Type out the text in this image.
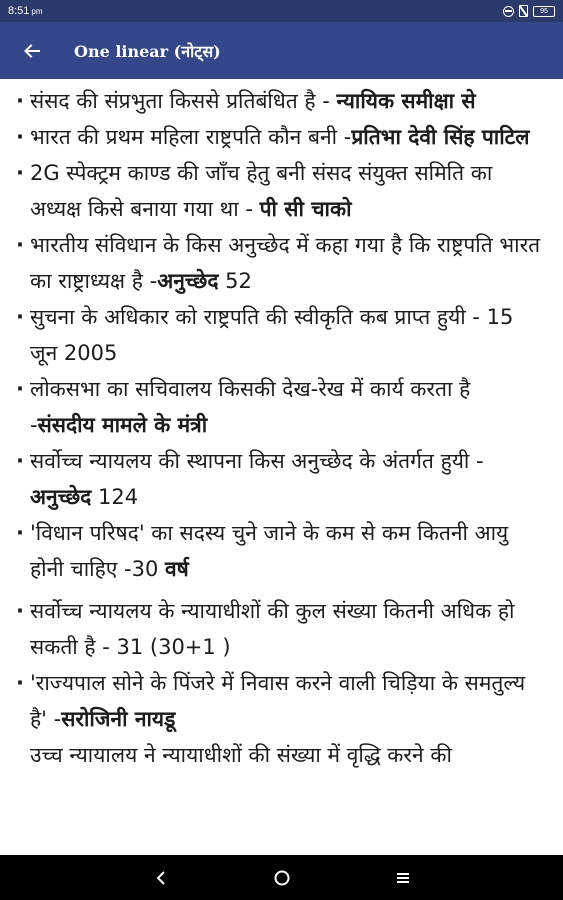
8:51 pm	95
One linear (नोट्स)
· संसद की संप्रभुता किससे प्रतिबंधित है - न्यायिक समीक्षा से
· भारत की प्रथम महिला राष्ट्रपति कौन बनी -प्रतिभा देवी सिंह पाटिल
· 2G स्पेक्ट्रम काण्ड की जाँच हेतु बनी संसद संयुक्त समिति का अध्यक्ष किसे बनाया गया था - पी सी चाको
· भारतीय संविधान के किस अनुच्छेद में कहा गया है कि राष्ट्रपति भारत का राष्ट्राध्यक्ष है -अनुच्छेद 52
· सुचना के अधिकार को राष्ट्रपति की स्वीकृति कब प्राप्त हुयी - 15 जून 2005
· लोकसभा का सचिवालय किसकी देख-रेख में कार्य करता है -संसदीय मामले के मंत्री
· सर्वोच्च न्यायलय की स्थापना किस अनुच्छेद के अंतर्गत हुयी - अनुच्छेद 124
· 'विधान परिषद' का सदस्य चुने जाने के कम से कम कितनी आयु होनी चाहिए -30 वर्ष
· सर्वोच्च न्यायलय के न्यायाधीशों की कुल संख्या कितनी अधिक हो सकती है - 31 (30+1 )
· 'राज्यपाल सोने के पिंजरे में निवास करने वाली चिड़िया के समतुल्य है' -सरोजिनी नायडू
उच्च न्यायालय ने न्यायाधीशों की संख्या में वृद्धि करने की
